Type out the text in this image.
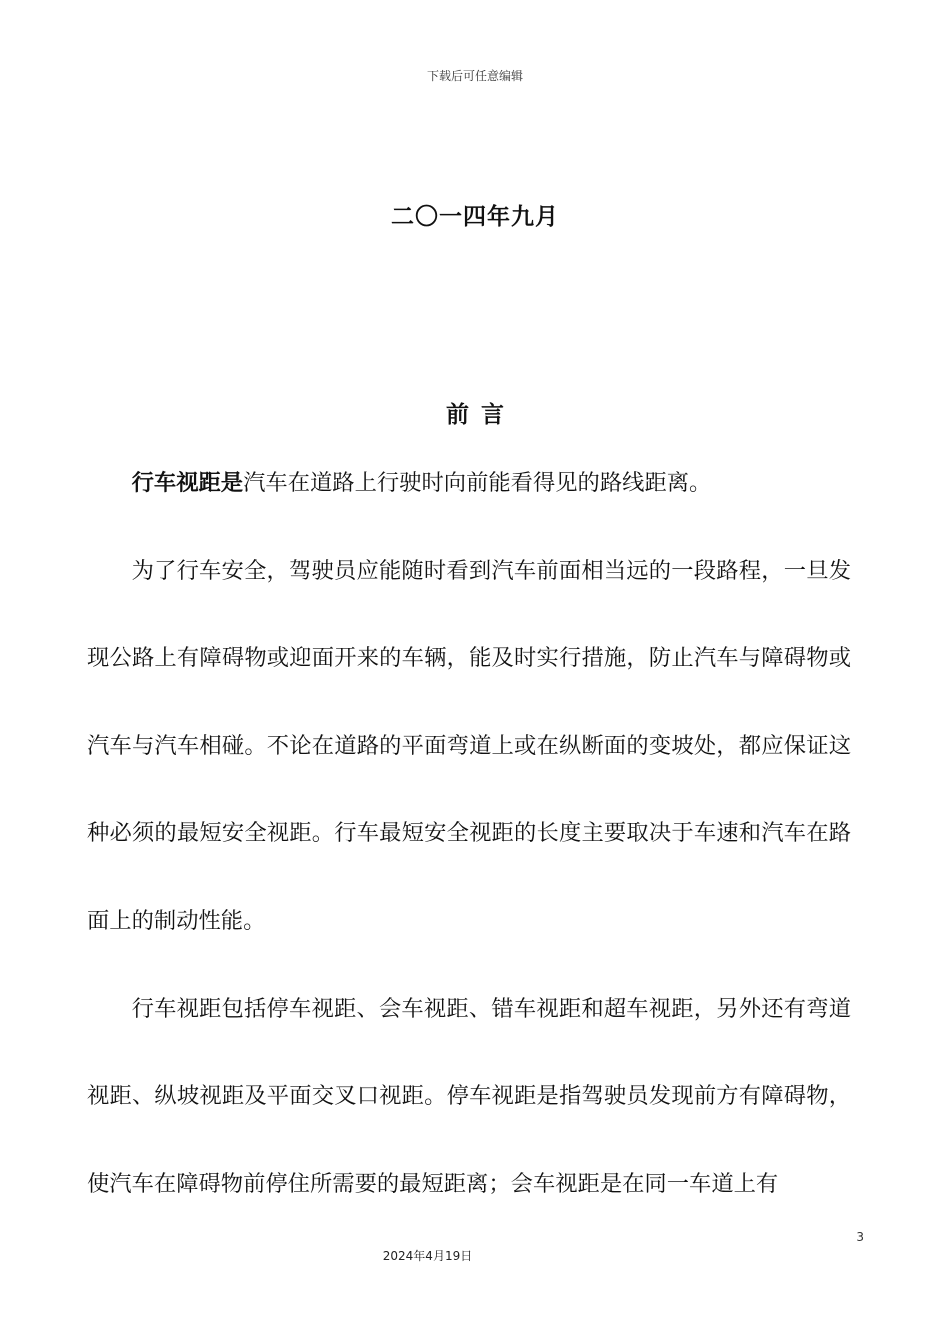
下载后可任意编辑
二〇一四年九月
前言

行车视距是汽车在道路上行驶时向前能看得见的路线距离。

为了行车安全，驾驶员应能随时看到汽车前面相当远的一段路程，一旦发现公路上有障碍物或迎面开来的车辆，能及时实行措施，防止汽车与障碍物或汽车与汽车相碰。不论在道路的平面弯道上或在纵断面的变坡处，都应保证这种必须的最短安全视距。行车最短安全视距的长度主要取决于车速和汽车在路面上的制动性能。

行车视距包括停车视距、会车视距、错车视距和超车视距，另外还有弯道视距、纵坡视距及平面交叉口视距。停车视距是指驾驶员发现前方有障碍物，使汽车在障碍物前停住所需要的最短距离；会车视距是在同一车道上有

3
2024年4月19日
